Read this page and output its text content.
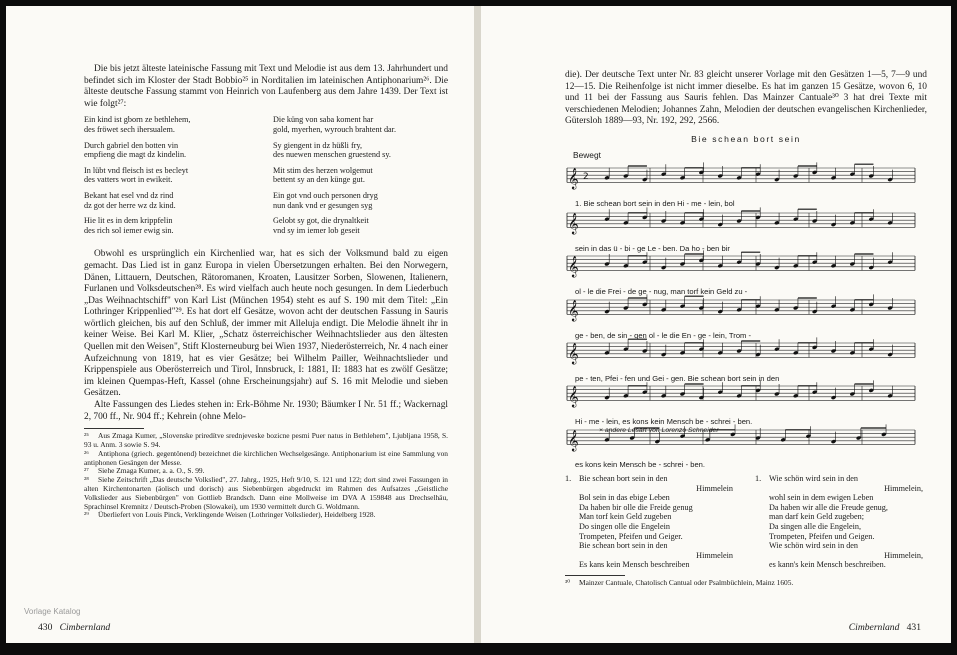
Die bis jetzt älteste lateinische Fassung mit Text und Melodie ist aus dem 13. Jahrhundert und befindet sich im Kloster der Stadt Bobbio²⁵ in Norditalien im lateinischen Antiphonarium²⁶. Die älteste deutsche Fassung stammt von Heinrich von Laufenberg aus dem Jahre 1439. Der Text ist wie folgt²⁷:

Ein kind ist gborn ze bethlehem,
des fröwet sech ihersualem.
Durch gabriel den botten vin
empfieng die magt dz kindelin.
In lübt vnd fleisch ist es becleyt
des vatters wort in ewikeit.
Bekant hat esel vnd dz rind
dz got der herre wz dz kind.
Hie lit es in dem krippfelin
des rich sol iemer ewig sin.
Die küng von saba koment har
gold, myerhen, wyrouch brahtent dar.
Sy giengent in dz hüßli fry,
des nuewen menschen gruestend sy.
Mit stim des herzen wolgemut
bettent sy an den künge gut.
Ein got vnd ouch personen dryg
nun dank vnd er gesungen syg
Gelobt sy got, die drynaltkeit
vnd sy im iemer lob geseit

Obwohl es ursprünglich ein Kirchenlied war, hat es sich der Volksmund bald zu eigen gemacht. Das Lied ist in ganz Europa in vielen Übersetzungen erhalten. Bei den Norwegern, Dänen, Littauern, Deutschen, Rätoromanen, Kroaten, Lausitzer Sorben, Slowenen, Italienern, Furlanen und Volksdeutschen²⁸. Es wird vielfach auch heute noch gesungen. In dem Liederbuch „Das Weihnachtschiff" von Karl List (München 1954) steht es auf S. 190 mit dem Titel: „Ein Lothringer Krippenlied"²⁹. Es hat dort elf Gesätze, wovon acht der deutschen Fassung in Sauris wörtlich gleichen, bis auf den Schluß, der immer mit Alleluja endigt. Die Melodie ähnelt ihr in keiner Weise. Bei Karl M. Klier, „Schatz österreichischer Weihnachtslieder aus den ältesten Quellen mit den Weisen", Stift Klosterneuburg bei Wien 1937, Niederösterreich, Nr. 4 nach einer Aufzeichnung von 1819, hat es vier Gesätze; bei Wilhelm Pailler, Weihnachtslieder und Krippenspiele aus Oberösterreich und Tirol, Innsbruck, I: 1881, II: 1883 hat es zwölf Gesätze; im kleinen Quempas-Heft, Kassel (ohne Erscheinungsjahr) auf S. 16 mit Melodie und sieben Gesätzen.

Alte Fassungen des Liedes stehen in: Erk-Böhme Nr. 1930; Bäumker I Nr. 51 ff.; Wackernagl 2, 700 ff., Nr. 904 ff.; Kehrein (ohne Melo-

²⁵ Aus Zmaga Kumer, „Slovenske priredítve srednjeveske bozicne pesmi Puer natus in Bethlehem", Ljubljana 1958, S. 93 u. Anm. 3 sowie S. 94.

²⁶ Antiphona (griech. gegentönend) bezeichnet die kirchlichen Wechselgesänge. Antiphonarium ist eine Sammlung von antiphonen Gesängen der Messe.

²⁷ Siehe Zmaga Kumer, a. a. O., S. 99.

²⁸ Siehe Zeitschrift „Das deutsche Volkslied", 27. Jahrg., 1925, Heft 9/10, S. 121 und 122; dort sind zwei Fassungen in alten Kirchentonarten (äolisch und dorisch) aus Siebenbürgen abgedruckt im Rahmen des Aufsatzes „Geistliche Volkslieder aus Siebenbürgen" von Gottlieb Brandsch. Dann eine Mollweise im DVA A 159848 aus Drechselhäu, Sprachinsel Kremnitz / Deutsch-Proben (Slowakei), um 1930 vermittelt durch G. Woldmann.

²⁹ Überliefert von Louis Pinck, Verklingende Weisen (Lothringer Volkslieder), Heidelberg 1928.

Vorlage Katalog
430 Cimbernland

die). Der deutsche Text unter Nr. 83 gleicht unserer Vorlage mit den Gesätzen 1—5, 7—9 und 12—15. Die Reihenfolge ist nicht immer dieselbe. Es hat im ganzen 15 Gesätze, wovon 6, 10 und 11 bei der Fassung aus Sauris fehlen. Das Mainzer Cantuale³⁰ 3 hat drei Texte mit verschiedenen Melodien; Johannes Zahn, Melodien der deutschen evangelischen Kirchenlieder, Gütersloh 1889—93, Nr. 192, 292, 2566.

Bie schean bort sein
𝄞 2
𝄞
𝄞
𝄞
𝄞
𝄞
𝄞
Bewegt
1. Bie schean bort sein in den Hi - me - lein, bol
sein in das ü - bi - ge Le - ben. Da ho - ben bir
ol - le die Frei - de ge - nug, man torf kein Geld zu -
ge - ben, de sin - gen ol - le die En - ge - lein, Trom -
pe - ten, Pfei - fen und Gei - gen. Bie schean bort sein in den
Hi - me - lein, es kons kein Mensch be - schrei - ben.
× andere Lesart von Lorenzo Schneider
es kons kein Mensch be - schrei - ben.
1. Bie schean bort sein in den
Himmelein
Bol sein in das ebige Leben
Da haben bir olle die Freide genug
Man torf kein Geld zugeben
Do singen olle die Engelein
Trompeten, Pfeifen und Geiger.
Bie schean bort sein in den
Himmelein
Es kans kein Mensch beschreiben
1. Wie schön wird sein in den
Himmelein,
wohl sein in dem ewigen Leben
Da haben wir alle die Freude genug,
man darf kein Geld zugeben;
Da singen alle die Engelein,
Trompeten, Pfeifen und Geigen.
Wie schön wird sein in den
Himmelein,
es kann's kein Mensch beschreiben.

³⁰ Mainzer Cantuale, Chatolisch Cantual oder Psalmbüchlein, Mainz 1605.

Cimbernland 431
